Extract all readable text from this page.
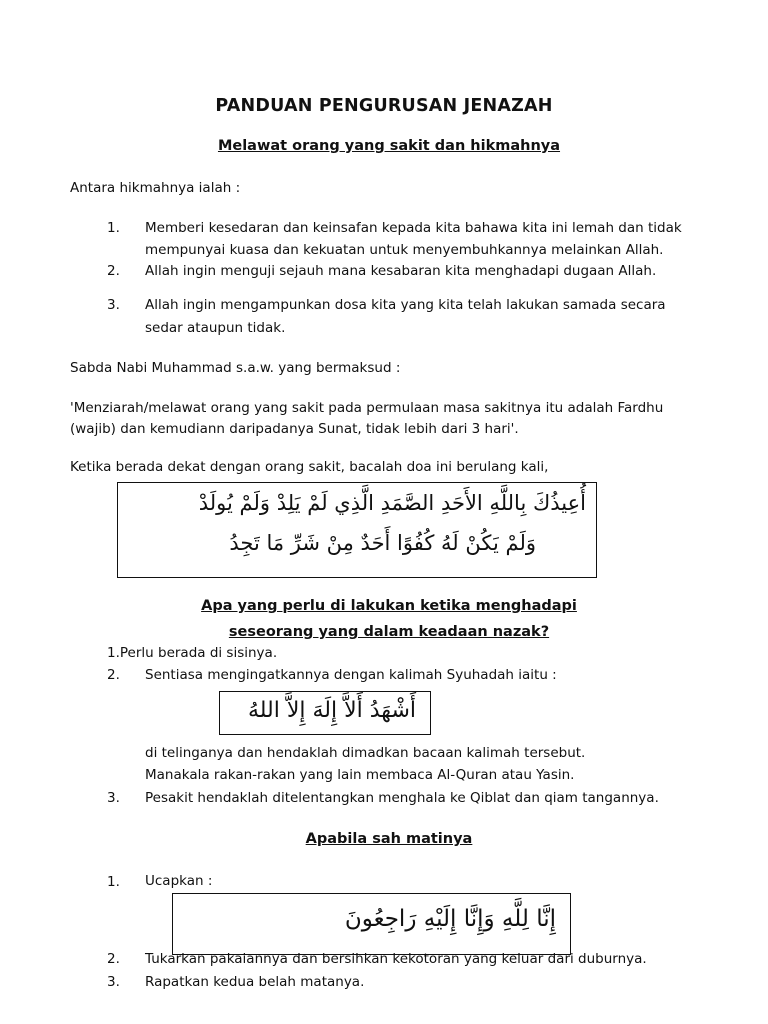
PANDUAN PENGURUSAN JENAZAH
Melawat orang yang sakit dan hikmahnya
Antara hikmahnya ialah :
1. Memberi kesedaran dan keinsafan kepada kita bahawa kita ini lemah dan tidak
mempunyai kuasa dan kekuatan untuk menyembuhkannya melainkan Allah.
2. Allah ingin menguji sejauh mana kesabaran kita menghadapi dugaan Allah.
3. Allah ingin mengampunkan dosa kita yang kita telah lakukan samada secara
sedar ataupun tidak.
Sabda Nabi Muhammad s.a.w. yang bermaksud :
'Menziarah/melawat orang yang sakit pada permulaan masa sakitnya itu adalah Fardhu
(wajib) dan kemudiann daripadanya Sunat, tidak lebih dari 3 hari'.
Ketika berada dekat dengan orang sakit, bacalah doa ini berulang kali,
أُعِيذُكَ بِاللَّهِ الأَحَدِ الصَّمَدِ الَّذِي لَمْ يَلِدْ وَلَمْ يُولَدْ
وَلَمْ يَكُنْ لَهُ كُفُوًا أَحَدٌ مِنْ شَرِّ مَا تَجِدُ
Apa yang perlu di lakukan ketika menghadapi
seseorang yang dalam keadaan nazak?
1.Perlu berada di sisinya.
2. Sentiasa mengingatkannya dengan kalimah Syuhadah iaitu :
أَشْهَدُ أَلاَّ إِلَهَ إِلاَّ اللهُ
di telinganya dan hendaklah dimadkan bacaan kalimah tersebut.
Manakala rakan-rakan yang lain membaca Al-Quran atau Yasin.
3. Pesakit hendaklah ditelentangkan menghala ke Qiblat dan qiam tangannya.
Apabila sah matinya
1. Ucapkan :
إِنَّا لِلَّهِ وَإِنَّا إِلَيْهِ رَاجِعُونَ
2. Tukarkan pakaiannya dan bersihkan kekotoran yang keluar dari duburnya.
3. Rapatkan kedua belah matanya.
